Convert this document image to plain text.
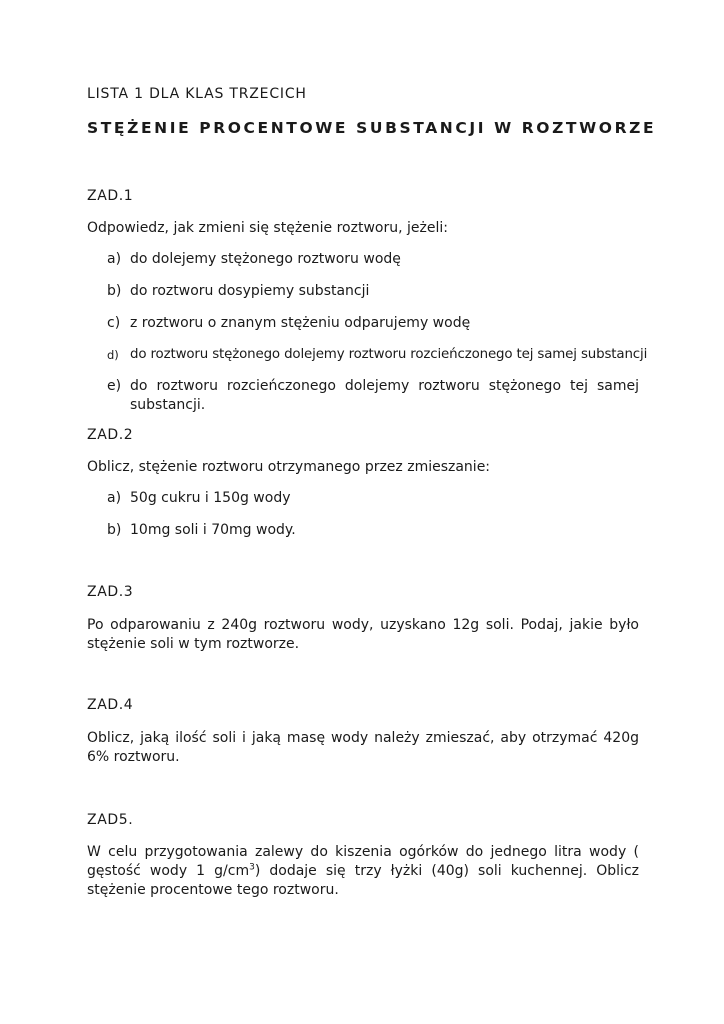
LISTA 1 DLA KLAS TRZECICH
STĘŻENIE PROCENTOWE SUBSTANCJI W ROZTWORZE
ZAD.1
Odpowiedz, jak zmieni się stężenie roztworu, jeżeli:
a) do dolejemy stężonego roztworu wodę
b) do roztworu dosypiemy substancji
c) z roztworu o znanym stężeniu odparujemy wodę
d) do roztworu stężonego dolejemy roztworu rozcieńczonego tej samej substancji
e) do roztworu rozcieńczonego dolejemy roztworu stężonego tej samej substancji.
ZAD.2
Oblicz, stężenie roztworu otrzymanego przez zmieszanie:
a) 50g cukru i 150g wody
b) 10mg soli i 70mg wody.
ZAD.3
Po odparowaniu z 240g roztworu wody, uzyskano 12g soli. Podaj, jakie było stężenie soli w tym roztworze.
ZAD.4
Oblicz, jaką ilość soli i jaką masę wody należy zmieszać, aby otrzymać 420g 6% roztworu.
ZAD5.
W celu przygotowania zalewy do kiszenia ogórków do jednego litra wody ( gęstość wody 1 $g/cm^3$) dodaje się trzy łyżki (40g) soli kuchennej. Oblicz stężenie procentowe tego roztworu.
